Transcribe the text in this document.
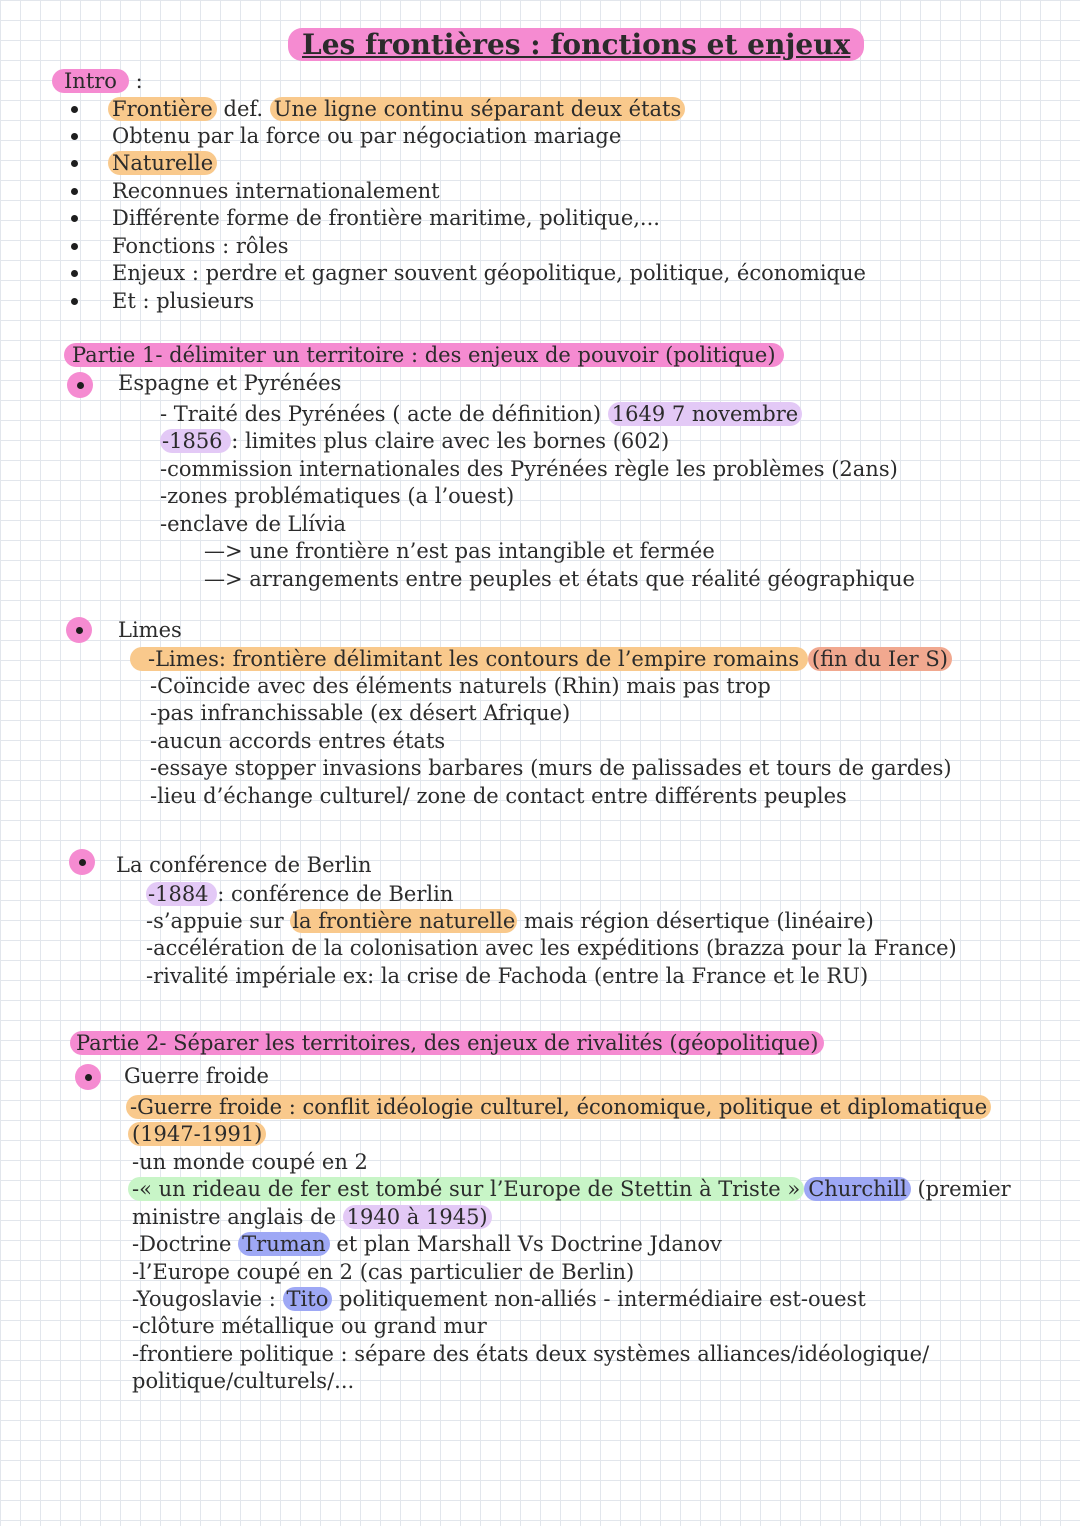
Les frontières : fonctions et enjeux
Intro :
Frontière def. Une ligne continu séparant deux états
Obtenu par la force ou par négociation mariage
Naturelle
Reconnues internationalement
Différente forme de frontière maritime, politique,...
Fonctions : rôles
Enjeux : perdre et gagner souvent géopolitique, politique, économique
Et : plusieurs
Partie 1- délimiter un territoire : des enjeux de pouvoir (politique)
Espagne et Pyrénées
- Traité des Pyrénées ( acte de définition) 1649 7 novembre
-1856 : limites plus claire avec les bornes (602)
-commission internationales des Pyrénées règle les problèmes (2ans)
-zones problématiques (a l’ouest)
-enclave de Llívia
—> une frontière n’est pas intangible et fermée
—> arrangements entre peuples et états que réalité géographique
Limes
-Limes: frontière délimitant les contours de l’empire romains (fin du Ier S)
-Coïncide avec des éléments naturels (Rhin) mais pas trop
-pas infranchissable (ex désert Afrique)
-aucun accords entres états
-essaye stopper invasions barbares (murs de palissades et tours de gardes)
-lieu d’échange culturel/ zone de contact entre différents peuples
La conférence de Berlin
-1884 : conférence de Berlin
-s’appuie sur la frontière naturelle mais région désertique (linéaire)
-accélération de la colonisation avec les expéditions (brazza pour la France)
-rivalité impériale ex: la crise de Fachoda (entre la France et le RU)
Partie 2- Séparer les territoires, des enjeux de rivalités (géopolitique)
Guerre froide
-Guerre froide : conflit idéologie culturel, économique, politique et diplomatique
(1947-1991)
-un monde coupé en 2
-« un rideau de fer est tombé sur l’Europe de Stettin à Triste » Churchill (premier
ministre anglais de 1940 à 1945)
-Doctrine Truman et plan Marshall Vs Doctrine Jdanov
-l’Europe coupé en 2 (cas particulier de Berlin)
-Yougoslavie : Tito politiquement non-alliés - intermédiaire est-ouest
-clôture métallique ou grand mur
-frontiere politique : sépare des états deux systèmes alliances/idéologique/
politique/culturels/...
